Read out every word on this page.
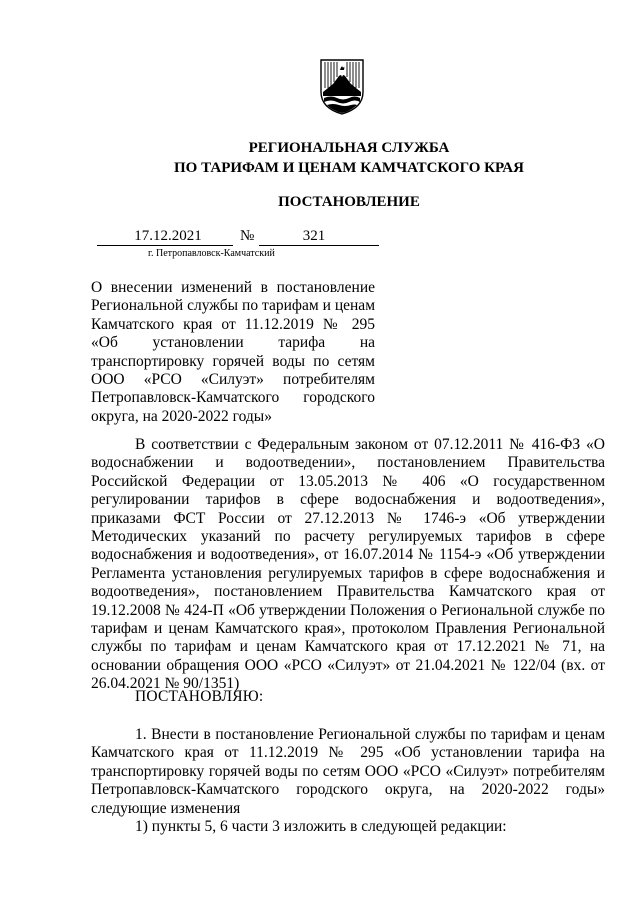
РЕГИОНАЛЬНАЯ СЛУЖБА
ПО ТАРИФАМ И ЦЕНАМ КАМЧАТСКОГО КРАЯ
ПОСТАНОВЛЕНИЕ
17.12.2021	№	321
г. Петропавловск-Камчатский
О внесении изменений в постановление Региональной службы по тарифам и ценам Камчатского края от 11.12.2019 № 295 «Об установлении тарифа на транспортировку горячей воды по сетям ООО «РСО «Силуэт» потребителям Петропавловск-Камчатского городского округа, на 2020-2022 годы»
В соответствии с Федеральным законом от 07.12.2011 № 416-ФЗ «О водоснабжении и водоотведении», постановлением Правительства Российской Федерации от 13.05.2013 № 406 «О государственном регулировании тарифов в сфере водоснабжения и водоотведения», приказами ФСТ России от 27.12.2013 № 1746-э «Об утверждении Методических указаний по расчету регулируемых тарифов в сфере водоснабжения и водоотведения», от 16.07.2014 № 1154-э «Об утверждении Регламента установления регулируемых тарифов в сфере водоснабжения и водоотведения», постановлением Правительства Камчатского края от 19.12.2008 № 424-П «Об утверждении Положения о Региональной службе по тарифам и ценам Камчатского края», протоколом Правления Региональной службы по тарифам и ценам Камчатского края от 17.12.2021 № 71, на основании обращения ООО «РСО «Силуэт» от 21.04.2021 № 122/04 (вх. от 26.04.2021 № 90/1351)
ПОСТАНОВЛЯЮ:
1. Внести в постановление Региональной службы по тарифам и ценам Камчатского края от 11.12.2019 № 295 «Об установлении тарифа на транспортировку горячей воды по сетям ООО «РСО «Силуэт» потребителям Петропавловск-Камчатского городского округа, на 2020-2022 годы» следующие изменения
1) пункты 5, 6 части 3 изложить в следующей редакции:
